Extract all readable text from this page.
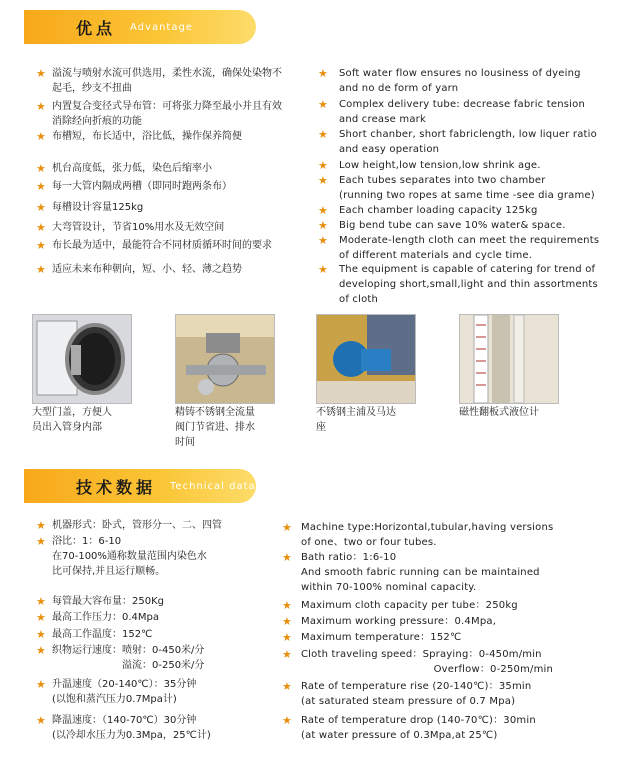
优点 Advantage
技术数据 Technical data
★ 溢流与喷射水流可供选用，柔性水流，确保处染物不
起毛，纱支不扭曲
★ 内置复合变径式导布管：可将张力降至最小并且有效
消除经向折痕的功能
★ 布槽短，布长适中，浴比低，操作保养简便
★ 机台高度低，张力低，染色后缩率小
★ 每一大管内隔成两槽（即同时跑两条布）
★ 每槽设计容量125kg
★ 大弯管设计，节省10%用水及无效空间
★ 布长最为适中，最能符合不同材质循环时间的要求
★ 适应未来布种朝向，短、小、轻、薄之趋势
★ Soft water flow ensures no lousiness of dyeing
and no de form of yarn
★ Complex delivery tube: decrease fabric tension
and crease mark
★ Short chanber, short fabriclength, low liquer ratio
and easy operation
★ Low height,low tension,low shrink age.
★ Each tubes separates into two chamber
(running two ropes at same time -see dia grame)
★ Each chamber loading capacity 125kg
★ Big bend tube can save 10% water& space.
★ Moderate-length cloth can meet the requirements
of different materials and cycle time.
★ The equipment is capable of catering for trend of
developing short,small,light and thin assortments
of cloth
大型门盖，方便人
员出入管身内部
精铸不锈钢全流量
阀门节省进、排水
时间
不锈钢主浦及马达
座
磁性翻板式液位计
★ 机器形式：卧式，管形分一、二、四管
★ 浴比：1：6-10
在70-100%通称数量范围内染色水
比可保持,并且运行顺畅。
★ 每管最大容布量：250Kg
★ 最高工作压力：0.4Mpa
★ 最高工作温度：152℃
★ 织物运行速度：喷射：0-450米/分
　　　　　　　溢流：0-250米/分
★ 升温速度（20-140℃）：35分钟
(以饱和蒸汽压力0.7Mpa计)
★ 降温速度：（140-70℃）30分钟
(以冷却水压力为0.3Mpa，25℃计)
★ Machine type:Horizontal,tubular,having versions
of one、two or four tubes.
★ Bath ratio：1:6-10
And smooth fabric running can be maintained
within 70-100% nominal capacity.
★ Maximum cloth capacity per tube：250kg
★ Maximum working pressure：0.4Mpa,
★ Maximum temperature：152℃
★ Cloth traveling speed：Spraying：0-450m/min
　　　　　　　　　　　　　Overflow：0-250m/min
★ Rate of temperature rise (20-140℃)：35min
(at saturated steam pressure of 0.7 Mpa)
★ Rate of temperature drop (140-70℃)：30min
(at water pressure of 0.3Mpa,at 25℃)
